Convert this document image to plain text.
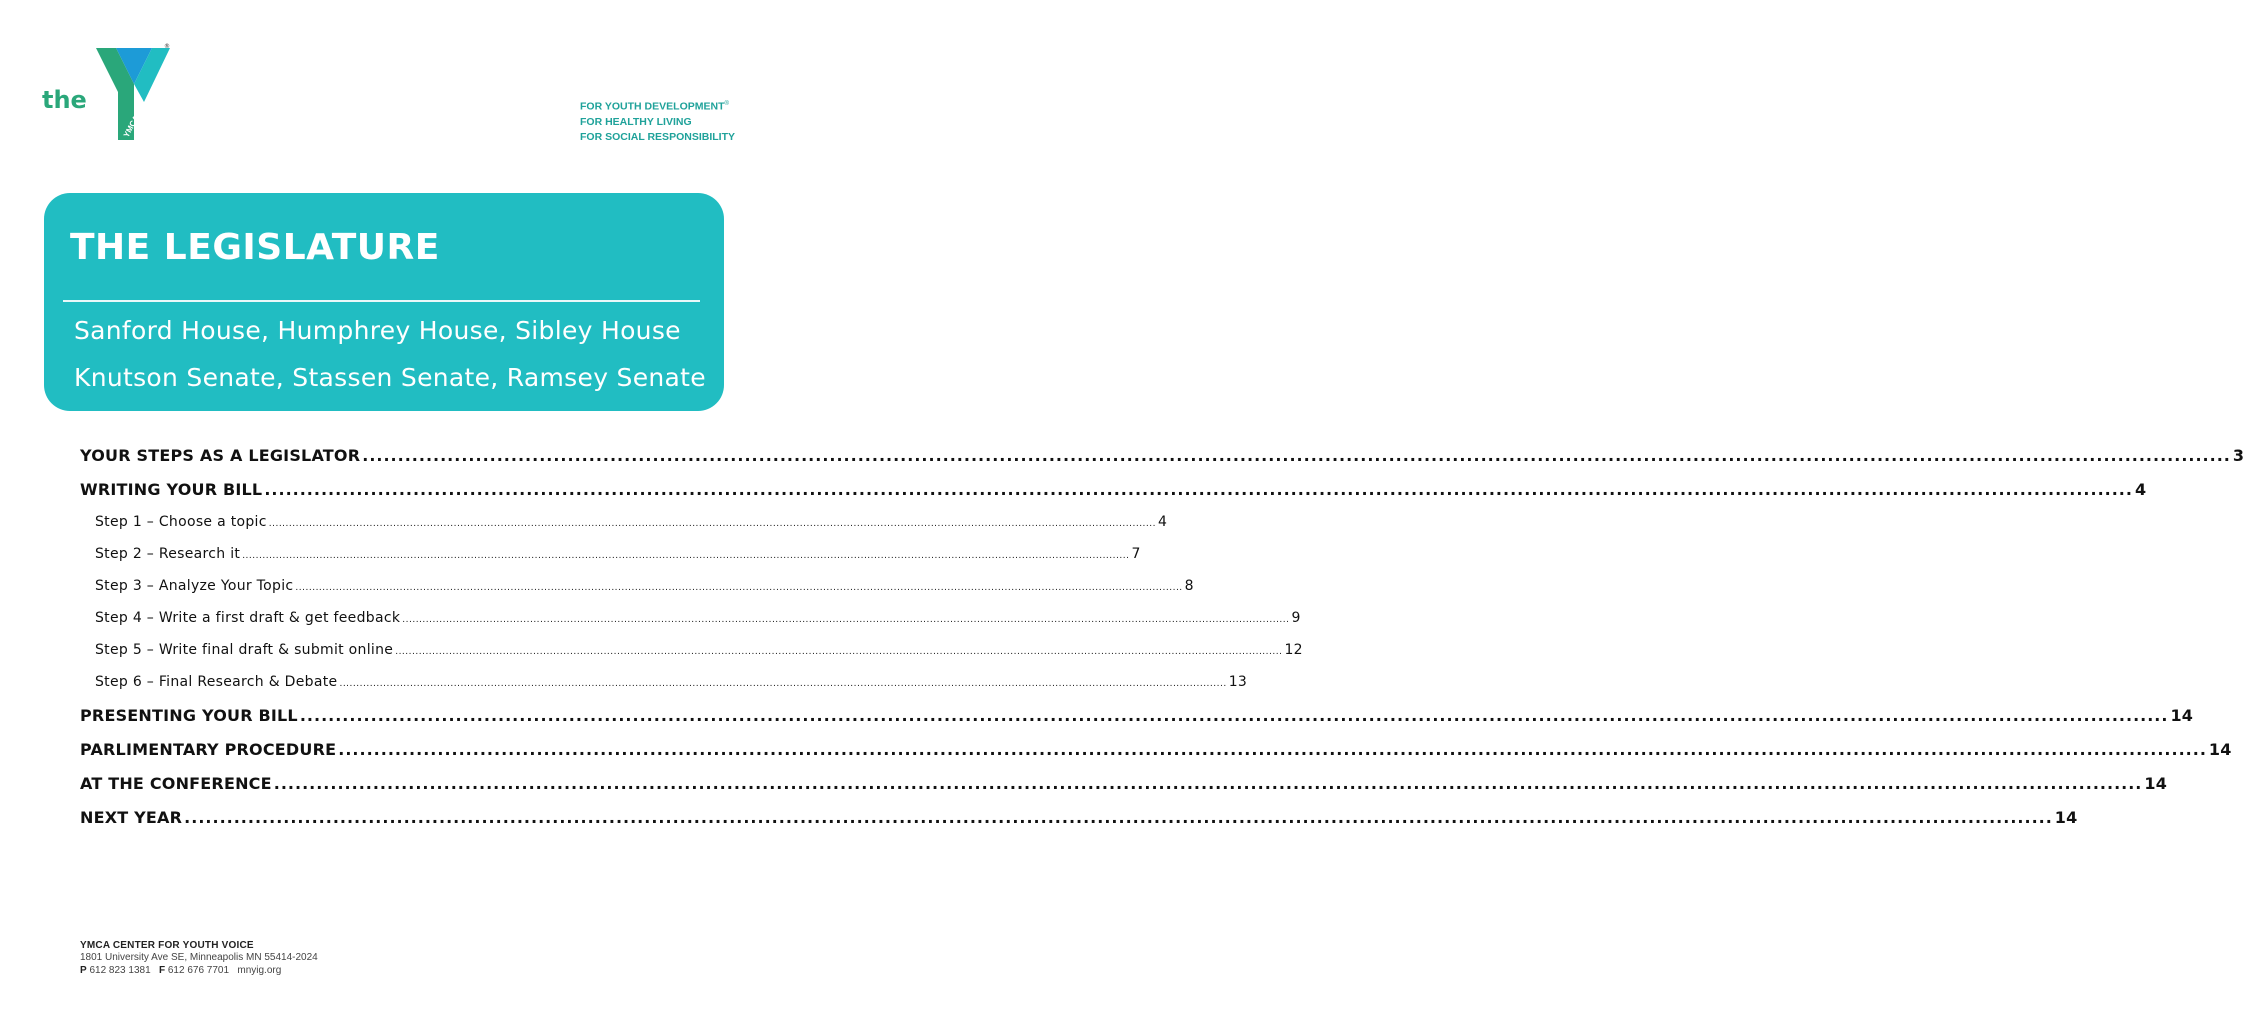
the
®
YMCA
FOR YOUTH DEVELOPMENT®
FOR HEALTHY LIVING
FOR SOCIAL RESPONSIBILITY
THE LEGISLATURE
Sanford House, Humphrey House, Sibley House
Knutson Senate, Stassen Senate, Ramsey Senate
YOUR STEPS AS A LEGISLATOR .....	3
WRITING YOUR BILL .....	4
Step 1 – Choose a topic .....	4
Step 2 – Research it .....	7
Step 3 – Analyze Your Topic .....	8
Step 4 – Write a first draft & get feedback .....	9
Step 5 – Write final draft & submit online .....	12
Step 6 – Final Research & Debate .....	13
PRESENTING YOUR BILL .....	14
PARLIMENTARY PROCEDURE .....	14
AT THE CONFERENCE .....	14
NEXT YEAR .....	14
YMCA CENTER FOR YOUTH VOICE
1801 University Ave SE, Minneapolis MN 55414-2024
P 612 823 1381 F 612 676 7701 mnyig.org
